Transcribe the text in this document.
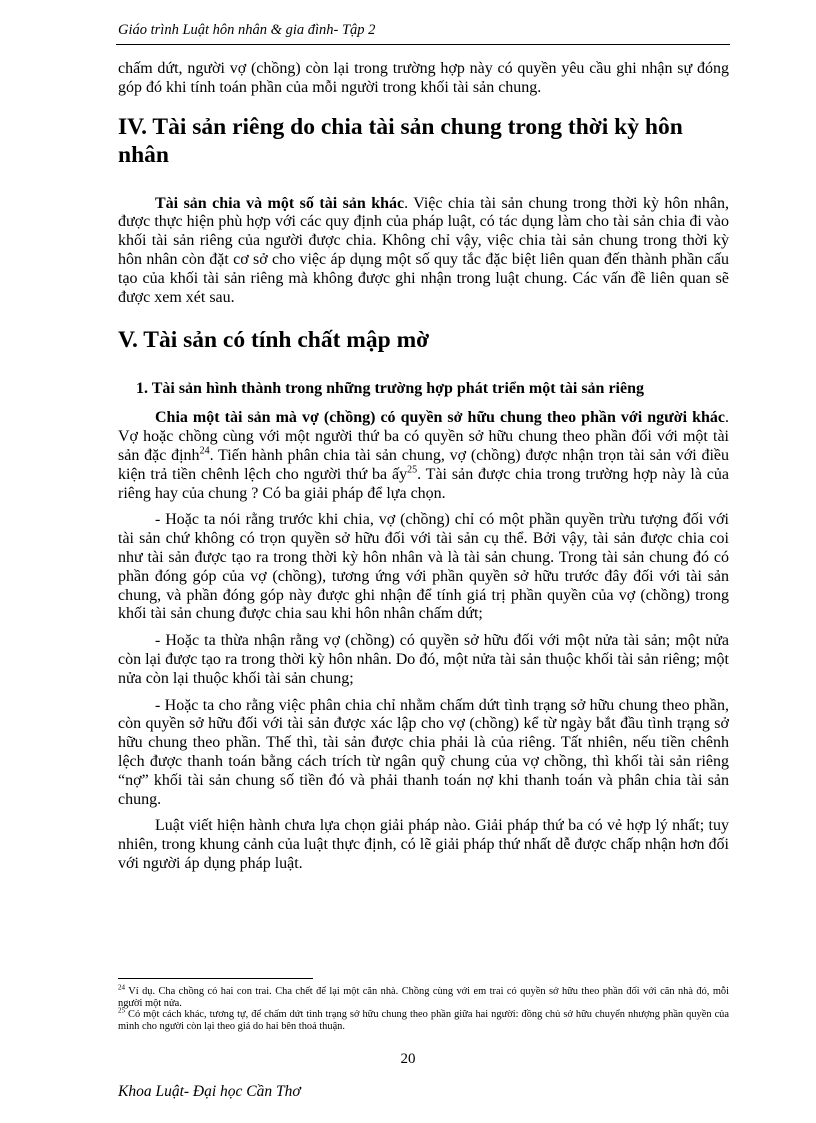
Giáo trình Luật hôn nhân & gia đình- Tập 2

chấm dứt, người vợ (chồng) còn lại trong trường hợp này có quyền yêu cầu ghi nhận sự đóng góp đó khi tính toán phần của mỗi người trong khối tài sản chung.

IV. Tài sản riêng do chia tài sản chung trong thời kỳ hôn nhân

Tài sản chia và một số tài sản khác. Việc chia tài sản chung trong thời kỳ hôn nhân, được thực hiện phù hợp với các quy định của pháp luật, có tác dụng làm cho tài sản chia đi vào khối tài sản riêng của người được chia. Không chỉ vậy, việc chia tài sản chung trong thời kỳ hôn nhân còn đặt cơ sở cho việc áp dụng một số quy tắc đặc biệt liên quan đến thành phần cấu tạo của khối tài sản riêng mà không được ghi nhận trong luật chung. Các vấn đề liên quan sẽ được xem xét sau.

V. Tài sản có tính chất mập mờ
1. Tài sản hình thành trong những trường hợp phát triển một tài sản riêng

Chia một tài sản mà vợ (chồng) có quyền sở hữu chung theo phần với người khác. Vợ hoặc chồng cùng với một người thứ ba có quyền sở hữu chung theo phần đối với một tài sản đặc định$^{24}$. Tiến hành phân chia tài sản chung, vợ (chồng) được nhận trọn tài sản với điều kiện trả tiền chênh lệch cho người thứ ba ấy$^{25}$. Tài sản được chia trong trường hợp này là của riêng hay của chung ? Có ba giải pháp để lựa chọn.

- Hoặc ta nói rằng trước khi chia, vợ (chồng) chỉ có một phần quyền trừu tượng đối với tài sản chứ không có trọn quyền sở hữu đối với tài sản cụ thể. Bởi vậy, tài sản được chia coi như tài sản được tạo ra trong thời kỳ hôn nhân và là tài sản chung. Trong tài sản chung đó có phần đóng góp của vợ (chồng), tương ứng với phần quyền sở hữu trước đây đối với tài sản chung, và phần đóng góp này được ghi nhận để tính giá trị phần quyền của vợ (chồng) trong khối tài sản chung được chia sau khi hôn nhân chấm dứt;

- Hoặc ta thừa nhận rằng vợ (chồng) có quyền sở hữu đối với một nửa tài sản; một nửa còn lại được tạo ra trong thời kỳ hôn nhân. Do đó, một nửa tài sản thuộc khối tài sản riêng; một nửa còn lại thuộc khối tài sản chung;

- Hoặc ta cho rằng việc phân chia chỉ nhằm chấm dứt tình trạng sở hữu chung theo phần, còn quyền sở hữu đối với tài sản được xác lập cho vợ (chồng) kể từ ngày bắt đầu tình trạng sở hữu chung theo phần. Thế thì, tài sản được chia phải là của riêng. Tất nhiên, nếu tiền chênh lệch được thanh toán bằng cách trích từ ngân quỹ chung của vợ chồng, thì khối tài sản riêng “nợ” khối tài sản chung số tiền đó và phải thanh toán nợ khi thanh toán và phân chia tài sản chung.

Luật viết hiện hành chưa lựa chọn giải pháp nào. Giải pháp thứ ba có vẻ hợp lý nhất; tuy nhiên, trong khung cảnh của luật thực định, có lẽ giải pháp thứ nhất dễ được chấp nhận hơn đối với người áp dụng pháp luật.

$^{24}$ Ví dụ. Cha chồng có hai con trai. Cha chết để lại một căn nhà. Chồng cùng với em trai có quyền sở hữu theo phần đối với căn nhà đó, mỗi người một nửa.
$^{25}$ Có một cách khác, tương tự, để chấm dứt tình trạng sở hữu chung theo phần giữa hai người: đồng chủ sở hữu chuyển nhượng phần quyền của mình cho người còn lại theo giá do hai bên thoả thuận.
20
Khoa Luật- Đại học Cần Thơ
